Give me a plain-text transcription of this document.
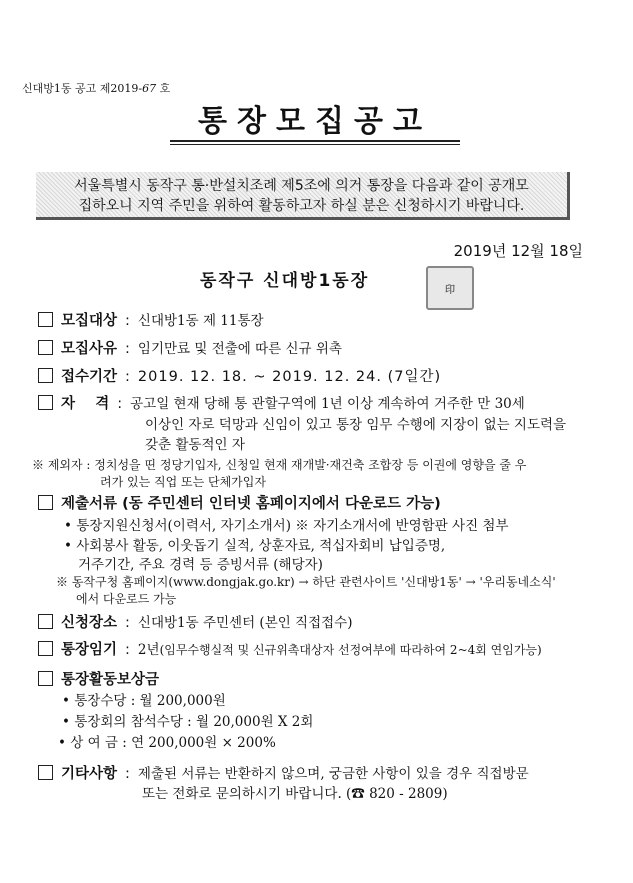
신대방1동 공고 제2019-67 호
통장모집공고
서울특별시 동작구 통·반설치조례 제5조에 의거 통장을 다음과 같이 공개모
집하오니 지역 주민을 위하여 활동하고자 하실 분은 신청하시기 바랍니다.
2019년 12월 18일
동작구 신대방1동장	印
모집대상 : 신대방1동 제 11통장
모집사유 : 임기만료 및 전출에 따른 신규 위촉
접수기간 : 2019. 12. 18. ~ 2019. 12. 24. (7일간)
자    격 : 공고일 현재 당해 통 관할구역에 1년 이상 계속하여 거주한 만 30세
이상인 자로 덕망과 신임이 있고 통장 임무 수행에 지장이 없는 지도력을
갖춘 활동적인 자
※ 제외자 : 정치성을 띤 정당기입자, 신청일 현재 재개발·재건축 조합장 등 이권에 영향을 줄 우
려가 있는 직업 또는 단체가입자
제출서류 (동 주민센터 인터넷 홈페이지에서 다운로드 가능)
• 통장지원신청서(이력서, 자기소개서) ※ 자기소개서에 반영함판 사진 첨부
• 사회봉사 활동, 이웃돕기 실적, 상훈자료, 적십자회비 납입증명,
거주기간, 주요 경력 등 증빙서류 (해당자)
※ 동작구청 홈페이지(www.dongjak.go.kr) → 하단 관련사이트 '신대방1동' → '우리동네소식'
에서 다운로드 가능
신청장소 : 신대방1동 주민센터 (본인 직접접수)
통장임기 : 2년(임무수행실적 및 신규위촉대상자 선정여부에 따라하여 2~4회 연임가능)
통장활동보상금
• 통장수당 : 월 200,000원
• 통장회의 참석수당 : 월 20,000원 X 2회
• 상 여 금 : 연 200,000원 × 200%
기타사항 : 제출된 서류는 반환하지 않으며, 궁금한 사항이 있을 경우 직접방문
또는 전화로 문의하시기 바랍니다. (☎ 820 - 2809)
